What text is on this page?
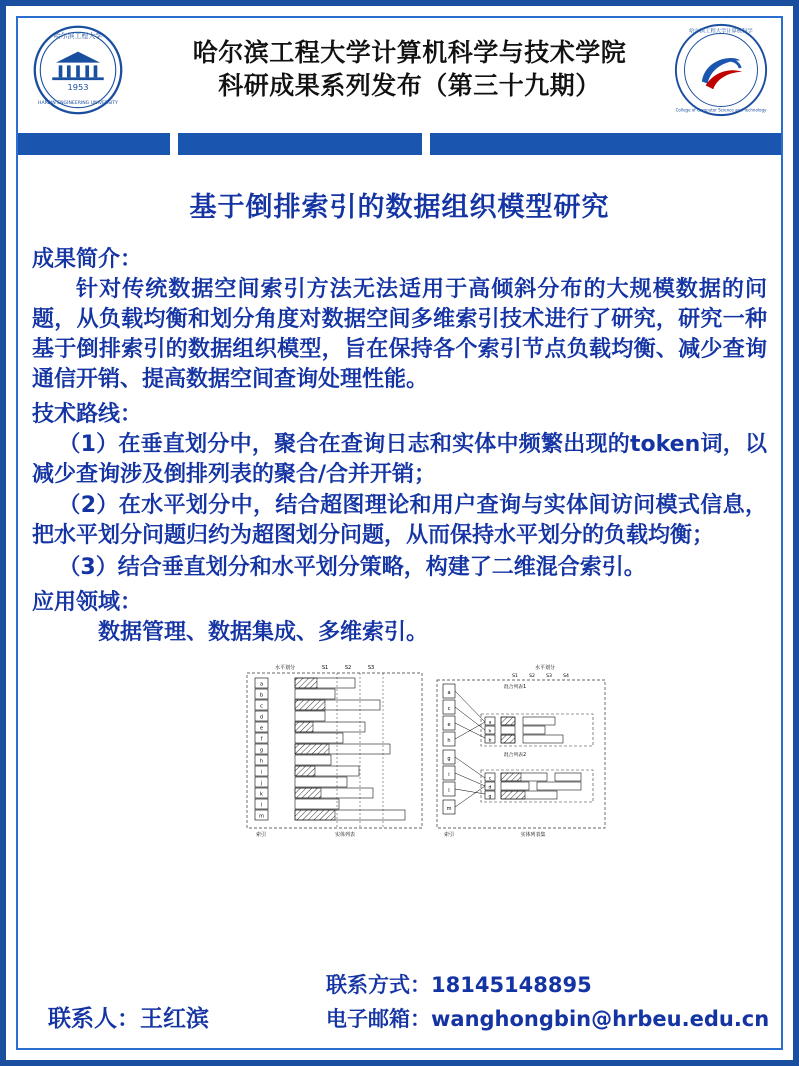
1953
哈尔滨工程大学
HARBIN ENGINEERING UNIVERSITY
哈尔滨工程大学计算机科学与技术学院
科研成果系列发布（第三十九期）
哈尔滨工程大学计算机科学
College of Computer Science and Technology
基于倒排索引的数据组织模型研究
成果简介：
针对传统数据空间索引方法无法适用于高倾斜分布的大规模数据的问题，从负载均衡和划分角度对数据空间多维索引技术进行了研究，研究一种基于倒排索引的数据组织模型，旨在保持各个索引节点负载均衡、减少查询通信开销、提高数据空间查询处理性能。
技术路线：
（1）在垂直划分中，聚合在查询日志和实体中频繁出现的token词，以减少查询涉及倒排列表的聚合/合并开销；
（2）在水平划分中，结合超图理论和用户查询与实体间访问模式信息，把水平划分问题归约为超图划分问题，从而保持水平划分的负载均衡；
（3）结合垂直划分和水平划分策略，构建了二维混合索引。
应用领域：
数据管理、数据集成、多维索引。
水平划分	S1	S2	S3
a
b
c
d
e
f
g
h
i
j
k
l
m
索引	实体列表
水平划分
S1 S2 S3 S4
a
c
e
h
g
i
l
m
混合列表1
a
h
b
混合列表2
c
d
g
索引	实体列表集
联系人：王红滨
联系方式：18145148895
电子邮箱：wanghongbin@hrbeu.edu.cn
